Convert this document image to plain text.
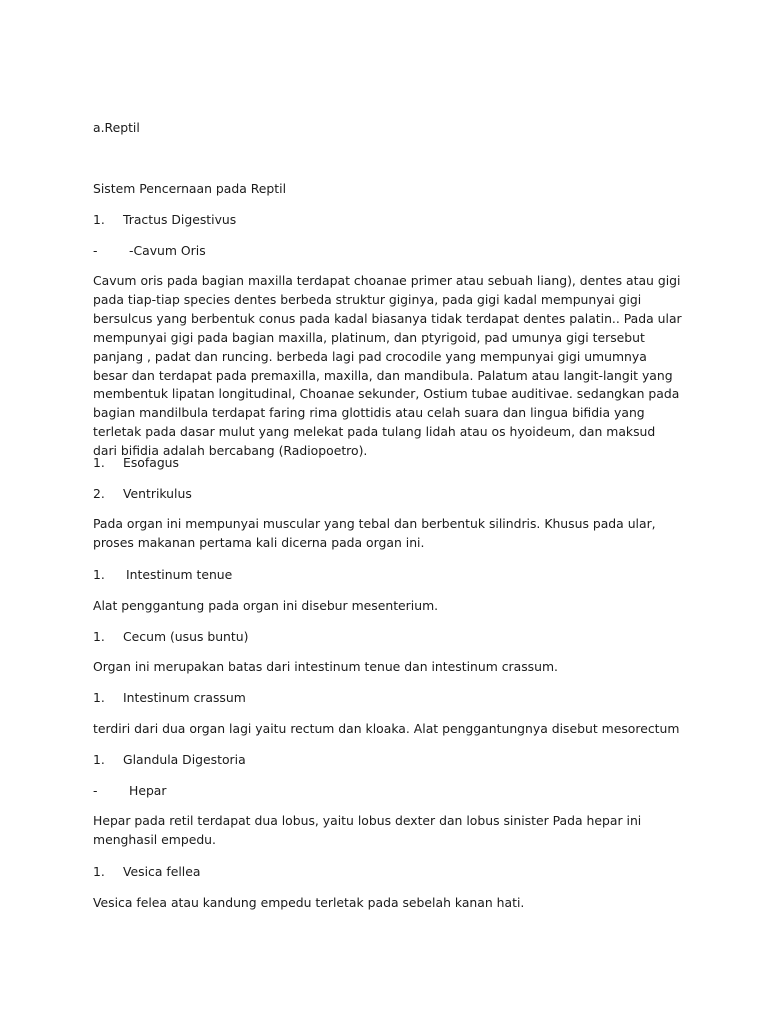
a.Reptil
Sistem Pencernaan pada Reptil
1. Tractus Digestivus
-	-Cavum Oris
Cavum oris pada bagian maxilla terdapat choanae primer atau sebuah liang), dentes atau gigi pada tiap-tiap species dentes berbeda struktur giginya, pada gigi kadal mempunyai gigi bersulcus yang berbentuk conus pada kadal biasanya tidak terdapat dentes palatin.. Pada ular mempunyai gigi pada bagian maxilla, platinum, dan ptyrigoid, pad umunya gigi tersebut panjang , padat dan runcing. berbeda lagi pad crocodile yang mempunyai gigi umumnya besar dan terdapat pada premaxilla, maxilla, dan mandibula. Palatum atau langit-langit yang membentuk lipatan longitudinal, Choanae sekunder, Ostium tubae auditivae. sedangkan pada bagian mandilbula terdapat faring rima glottidis atau celah suara dan lingua bifidia yang terletak pada dasar mulut yang melekat pada tulang lidah atau os hyoideum, dan maksud dari bifidia adalah bercabang (Radiopoetro).
1. Esofagus
2. Ventrikulus
Pada organ ini mempunyai muscular yang tebal dan berbentuk silindris. Khusus pada ular, proses makanan pertama kali dicerna pada organ ini.
1. Intestinum tenue
Alat penggantung pada organ ini disebur mesenterium.
1. Cecum (usus buntu)
Organ ini merupakan batas dari intestinum tenue dan intestinum crassum.
1. Intestinum crassum
terdiri dari dua organ lagi yaitu rectum dan kloaka. Alat penggantungnya disebut mesorectum
1. Glandula Digestoria
-	Hepar
Hepar pada retil terdapat dua lobus, yaitu lobus dexter dan lobus sinister Pada hepar ini menghasil empedu.
1. Vesica fellea
Vesica felea atau kandung empedu terletak pada sebelah kanan hati.
